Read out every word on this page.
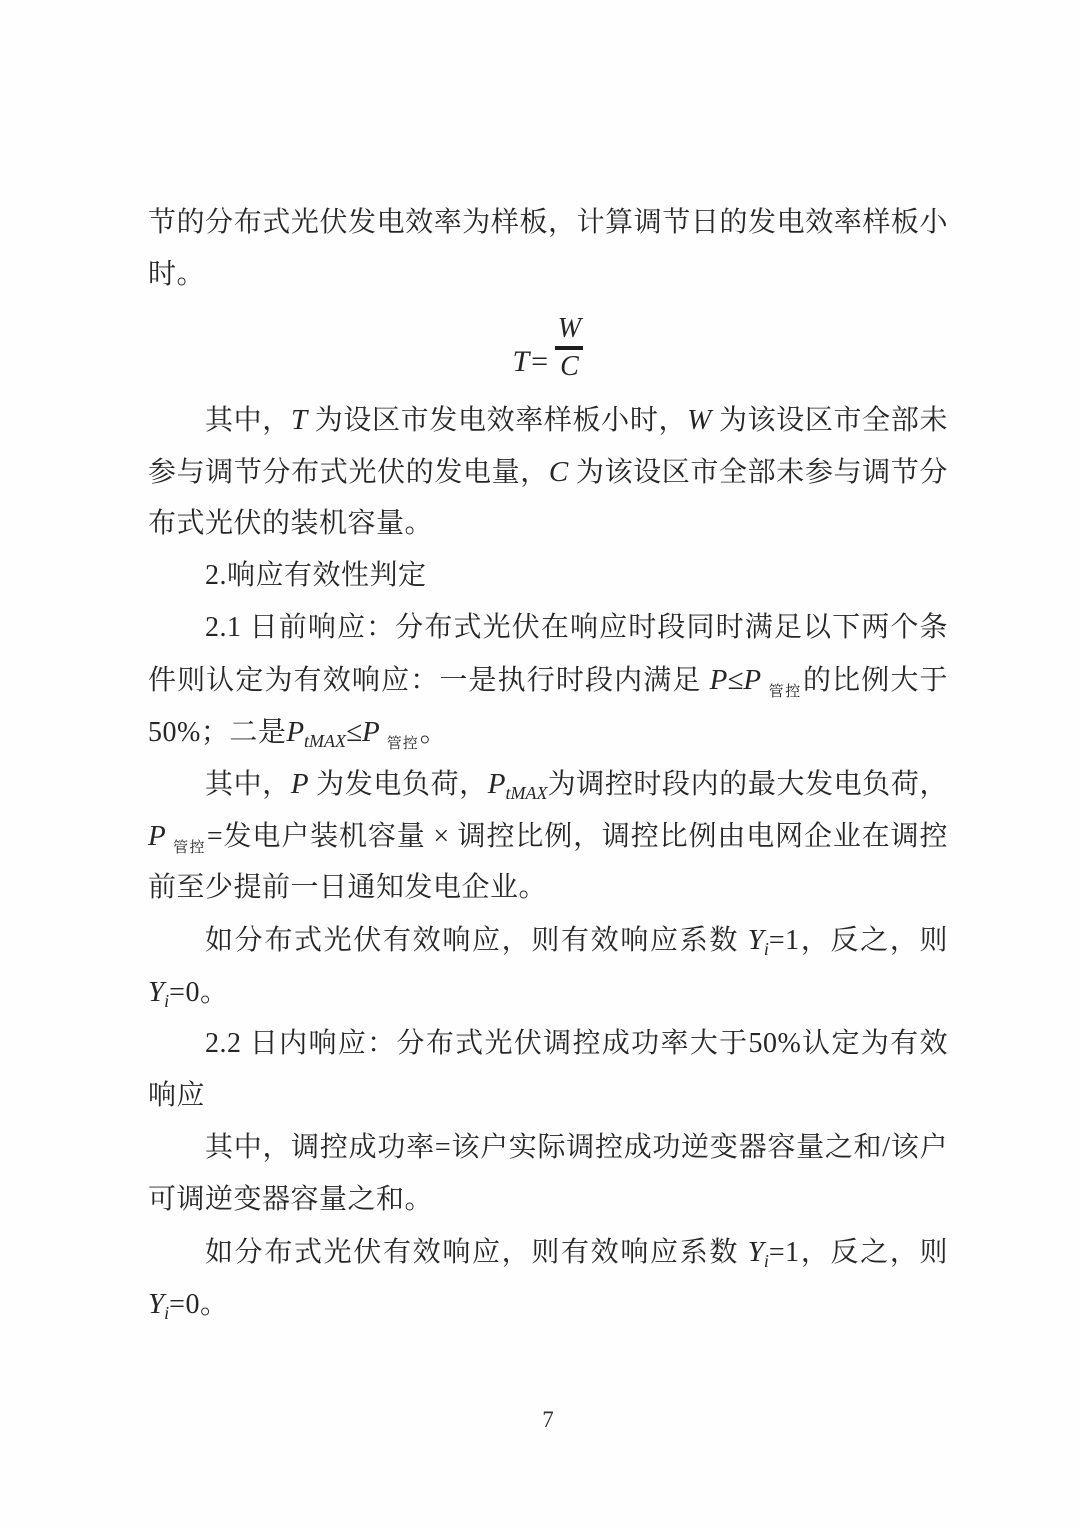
节的分布式光伏发电效率为样板，计算调节日的发电效率样板小
时。
$T= \frac{W}{C}$
其中，T 为设区市发电效率样板小时，W 为该设区市全部未
参与调节分布式光伏的发电量，C 为该设区市全部未参与调节分
布式光伏的装机容量。
2.响应有效性判定
2.1 日前响应：分布式光伏在响应时段同时满足以下两个条
件则认定为有效响应：一是执行时段内满足 P≤P $_{管控}$的比例大于
50%；二是$P_{tMAX}\le P$ $_{管控}$。
其中，P 为发电负荷，$P_{tMAX}$为调控时段内的最大发电负荷，
P $_{管控}$=发电户装机容量 × 调控比例，调控比例由电网企业在调控
前至少提前一日通知发电企业。
如分布式光伏有效响应，则有效响应系数 $Y_i=1$，反之，则
$Y_i=0$。
2.2 日内响应：分布式光伏调控成功率大于50%认定为有效
响应
其中，调控成功率=该户实际调控成功逆变器容量之和/该户
可调逆变器容量之和。
如分布式光伏有效响应，则有效响应系数 $Y_i=1$，反之，则
$Y_i=0$。
7
